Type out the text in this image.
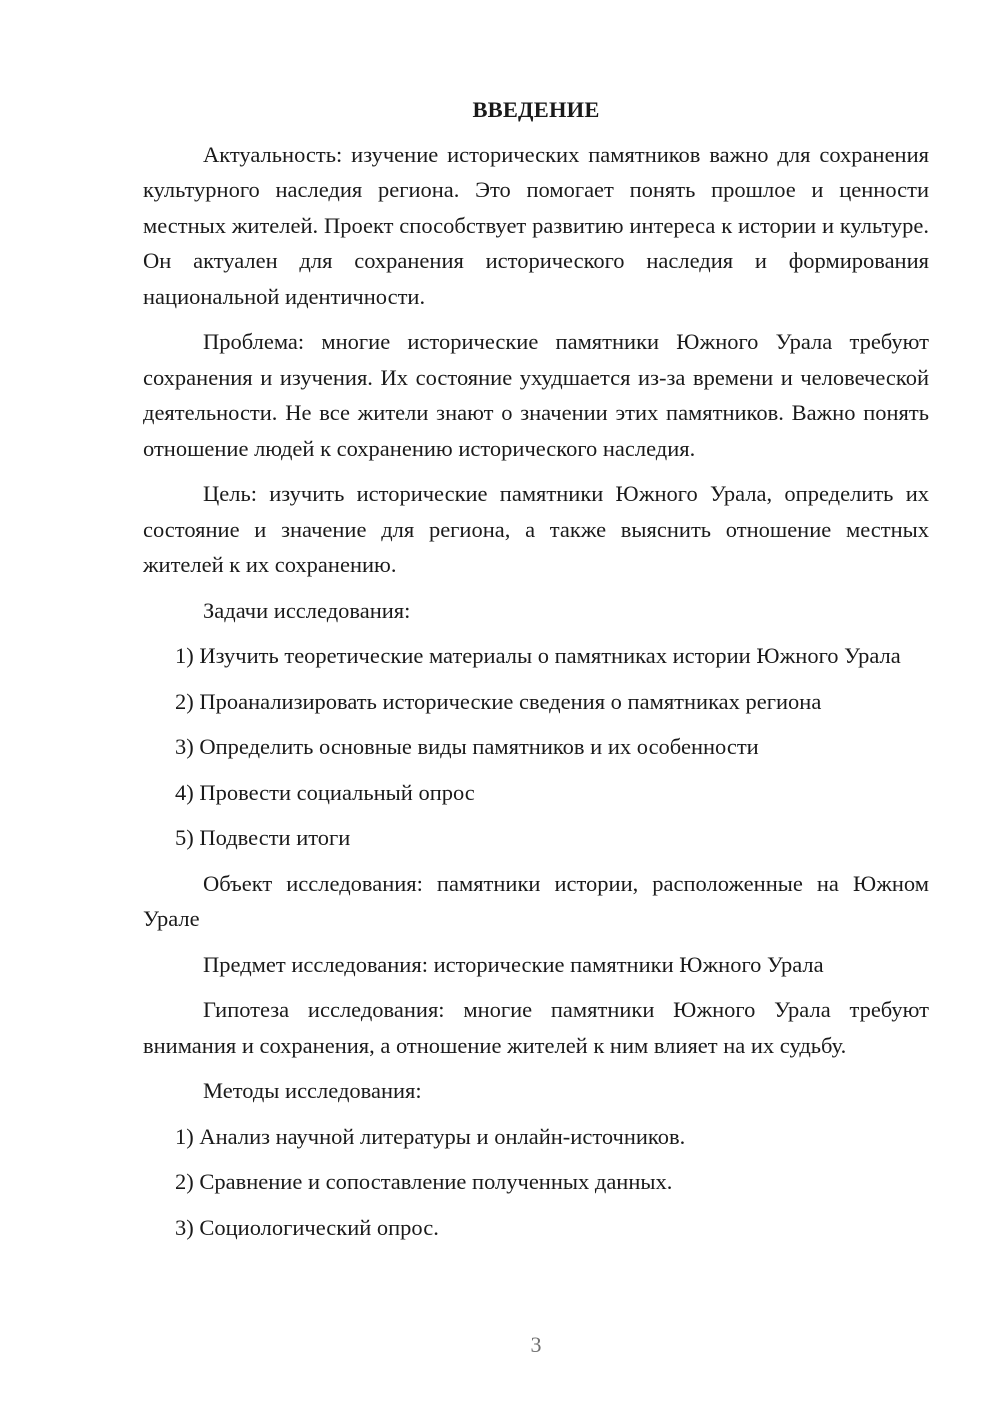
ВВЕДЕНИЕ

Актуальность: изучение исторических памятников важно для сохранения культурного наследия региона. Это помогает понять прошлое и ценности местных жителей. Проект способствует развитию интереса к истории и культуре. Он актуален для сохранения исторического наследия и формирования национальной идентичности.

Проблема: многие исторические памятники Южного Урала требуют сохранения и изучения. Их состояние ухудшается из-за времени и человеческой деятельности. Не все жители знают о значении этих памятников. Важно понять отношение людей к сохранению исторического наследия.

Цель: изучить исторические памятники Южного Урала, определить их состояние и значение для региона, а также выяснить отношение местных жителей к их сохранению.

Задачи исследования:

1) Изучить теоретические материалы о памятниках истории Южного Урала

2) Проанализировать исторические сведения о памятниках региона

3) Определить основные виды памятников и их особенности

4) Провести социальный опрос

5) Подвести итоги

Объект исследования: памятники истории, расположенные на Южном Урале

Предмет исследования: исторические памятники Южного Урала

Гипотеза исследования: многие памятники Южного Урала требуют внимания и сохранения, а отношение жителей к ним влияет на их судьбу.

Методы исследования:

1) Анализ научной литературы и онлайн-источников.

2) Сравнение и сопоставление полученных данных.

3) Социологический опрос.

3
